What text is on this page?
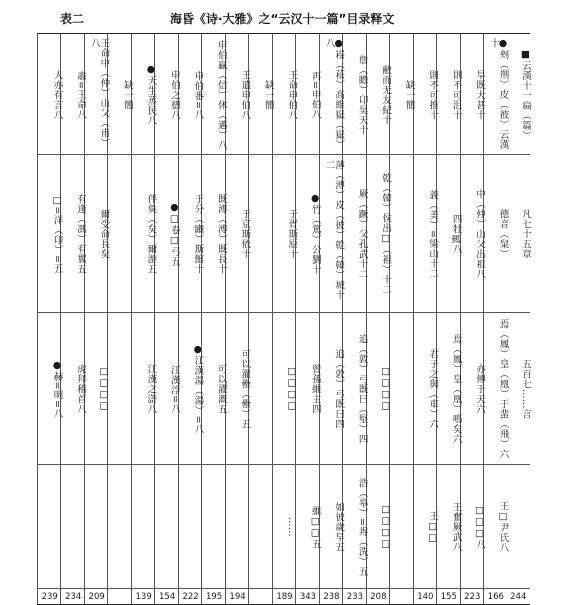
表二	海昏《诗·大雅》之“云汉十一篇”目录释文
■云漢十一扁（篇）
凡七十五章
五百七……言
244
●㓨（荆）皮（彼）云漢十
德音（䊆）
焉（鳳）皇（凰）于蜚（飛）六
王□尹氏八
166
旱既大甚十
中（仲）山父出祖八
亦傳于天六
□□□八
223
則不可沮十
四牡𩣷八
焉（鳳）皇（凰）鳴矣六
王奮厥武八
155
則不可推十
義（美）=梁山十二
君子之與（車）六
王□□
140
缺一簡
敝而无友紀十
乾（韓）侯出□（祖）十二
□□□□
□□□□
208
詹（瞻）卬昊天十
厥（蹶）父孔武十二
追（敦）弓既曰（堅）四
浩（皋）=歬（洗）五
233
●崧（菘）高維嶽（嶽）八
薄（溥）皮（彼）乾（韓）城十二
追（敦）弓既曰四
如彼歲早五
238
再=申伯八
●竹（篤）公劉十
曾孫維主四
維□□五
343
王命申伯八
于胥斯原十
□□□□
……
189
缺一簡
王遣申伯八
于京斯依十
可以濯罍（罍）五
194
申伯贏（信）休（邁）八
既溥（溥）既長十
可以濯溉五
195
申伯番=八
于分（豳）斯館十
●江漢湯（湯）=八
222
申伯之德八
●□卷□弓五
江漢浮=八
154
●天生蒸民八
伴奐（矣）爾游五
江漢之滸八
139
缺一簡
王命中（仲）山父（甫）八
爾受命長矣
□□□□
209
肅=王命八
有逢（馮）有翼五
虎拜稽首八
234
人亦有言八
□=洋（卬）=五
●赫=明=八
239
